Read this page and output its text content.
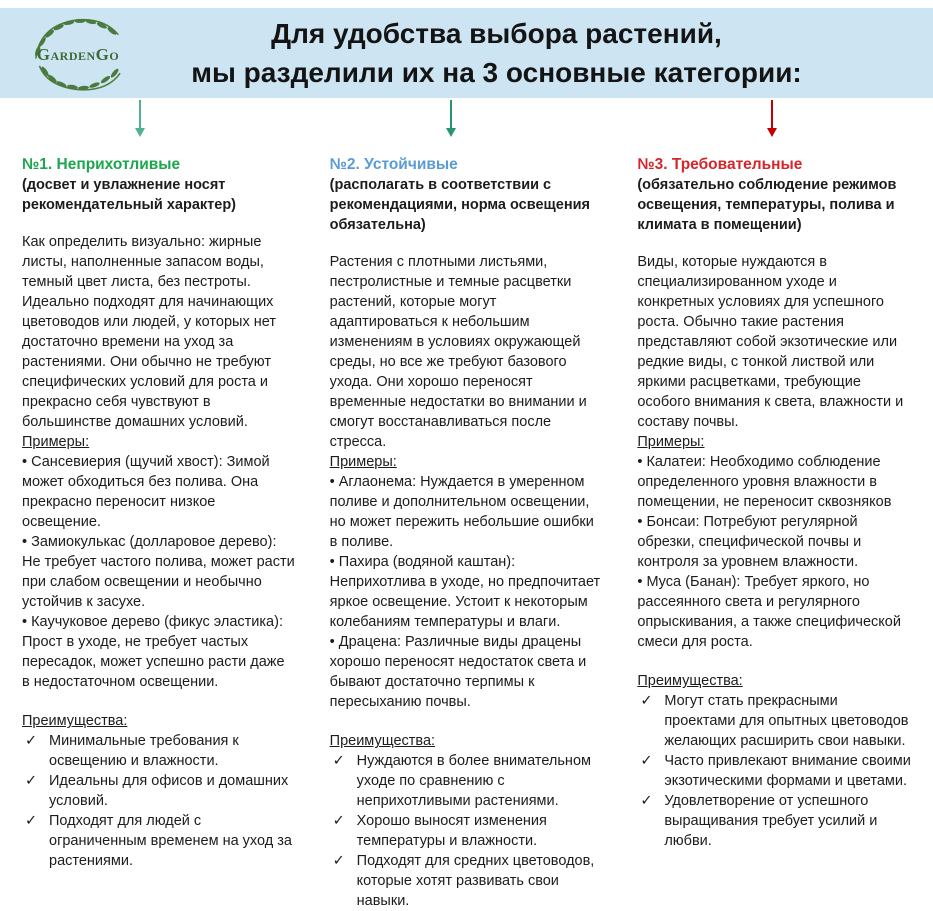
GardenGo
Для удобства выбора растений,
мы разделили их на 3 основные категории:
№1. Неприхотливые

(досвет и увлажнение носят рекомендательный характер)

Как определить визуально: жирные листы, наполненные запасом воды, темный цвет листа, без пестроты. Идеально подходят для начинающих цветоводов или людей, у которых нет достаточно времени на уход за растениями. Они обычно не требуют специфических условий для роста и прекрасно себя чувствуют в большинстве домашних условий.

Примеры:

• Сансевиерия (щучий хвост): Зимой может обходиться без полива. Она прекрасно переносит низкое освещение.
• Замиокулькас (долларовое дерево): Не требует частого полива, может расти при слабом освещении и необычно устойчив к засухе.
• Каучуковое дерево (фикус эластика): Прост в уходе, не требует частых пересадок, может успешно расти даже в недостаточном освещении.

Преимущества:

✓ Минимальные требования к освещению и влажности.
✓ Идеальны для офисов и домашних условий.
✓ Подходят для людей с ограниченным временем на уход за растениями.
№2. Устойчивые

(располагать в соответствии с рекомендациями, норма освещения обязательна)

Растения с плотными листьями, пестролистные и темные расцветки растений, которые могут адаптироваться к небольшим изменениям в условиях окружающей среды, но все же требуют базового ухода. Они хорошо переносят временные недостатки во внимании и смогут восстанавливаться после стресса.

Примеры:

• Аглаонема: Нуждается в умеренном поливе и дополнительном освещении, но может пережить небольшие ошибки в поливе.
• Пахира (водяной каштан): Неприхотлива в уходе, но предпочитает яркое освещение. Устоит к некоторым колебаниям температуры и влаги.
• Драцена: Различные виды драцены хорошо переносят недостаток света и бывают достаточно терпимы к пересыханию почвы.

Преимущества:

✓ Нуждаются в более внимательном уходе по сравнению с неприхотливыми растениями.
✓ Хорошо выносят изменения температуры и влажности.
✓ Подходят для средних цветоводов, которые хотят развивать свои навыки.
№3. Требовательные

(обязательно соблюдение режимов освещения, температуры, полива и климата в помещении)

Виды, которые нуждаются в специализированном уходе и конкретных условиях для успешного роста. Обычно такие растения представляют собой экзотические или редкие виды, с тонкой листвой или яркими расцветками, требующие особого внимания к света, влажности и составу почвы.

Примеры:

• Калатеи: Необходимо соблюдение определенного уровня влажности в помещении, не переносит сквозняков
• Бонсаи: Потребуют регулярной обрезки, специфической почвы и контроля за уровнем влажности.
• Муса (Банан): Требует яркого, но рассеянного света и регулярного опрыскивания, а также специфической смеси для роста.

Преимущества:

✓ Могут стать прекрасными проектами для опытных цветоводов желающих расширить свои навыки.
✓ Часто привлекают внимание своими экзотическими формами и цветами.
✓ Удовлетворение от успешного выращивания требует усилий и любви.
